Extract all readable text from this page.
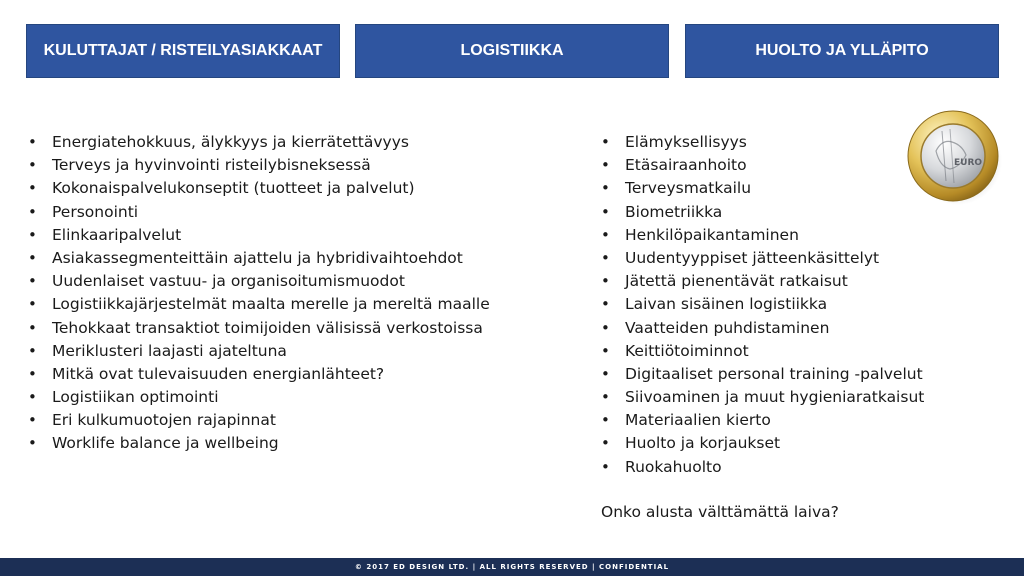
KULUTTAJAT / RISTEILYASIAKKAAT	LOGISTIIKKA	HUOLTO JA YLLÄPITO
• Energiatehokkuus, älykkyys ja kierrätettävyys
• Terveys ja hyvinvointi risteilybisneksessä
• Kokonaispalvelukonseptit (tuotteet ja palvelut)
• Personointi
• Elinkaaripalvelut
• Asiakassegmenteittäin ajattelu ja hybridivaihtoehdot
• Uudenlaiset vastuu- ja organisoitumismuodot
• Logistiikkajärjestelmät maalta merelle ja mereltä maalle
• Tehokkaat transaktiot toimijoiden välisissä verkostoissa
• Meriklusteri laajasti ajateltuna
• Mitkä ovat tulevaisuuden energianlähteet?
• Logistiikan optimointi
• Eri kulkumuotojen rajapinnat
• Worklife balance ja wellbeing
• Elämyksellisyys
• Etäsairaanhoito
• Terveysmatkailu
• Biometriikka
• Henkilöpaikantaminen
• Uudentyyppiset jätteenkäsittelyt
• Jätettä pienentävät ratkaisut
• Laivan sisäinen logistiikka
• Vaatteiden puhdistaminen
• Keittiötoiminnot
• Digitaaliset personal training -palvelut
• Siivoaminen ja muut hygieniaratkaisut
• Materiaalien kierto
• Huolto ja korjaukset
• Ruokahuolto
Onko alusta välttämättä laiva?
EURO
© 2017 ED DESIGN LTD. | ALL RIGHTS RESERVED | CONFIDENTIAL
